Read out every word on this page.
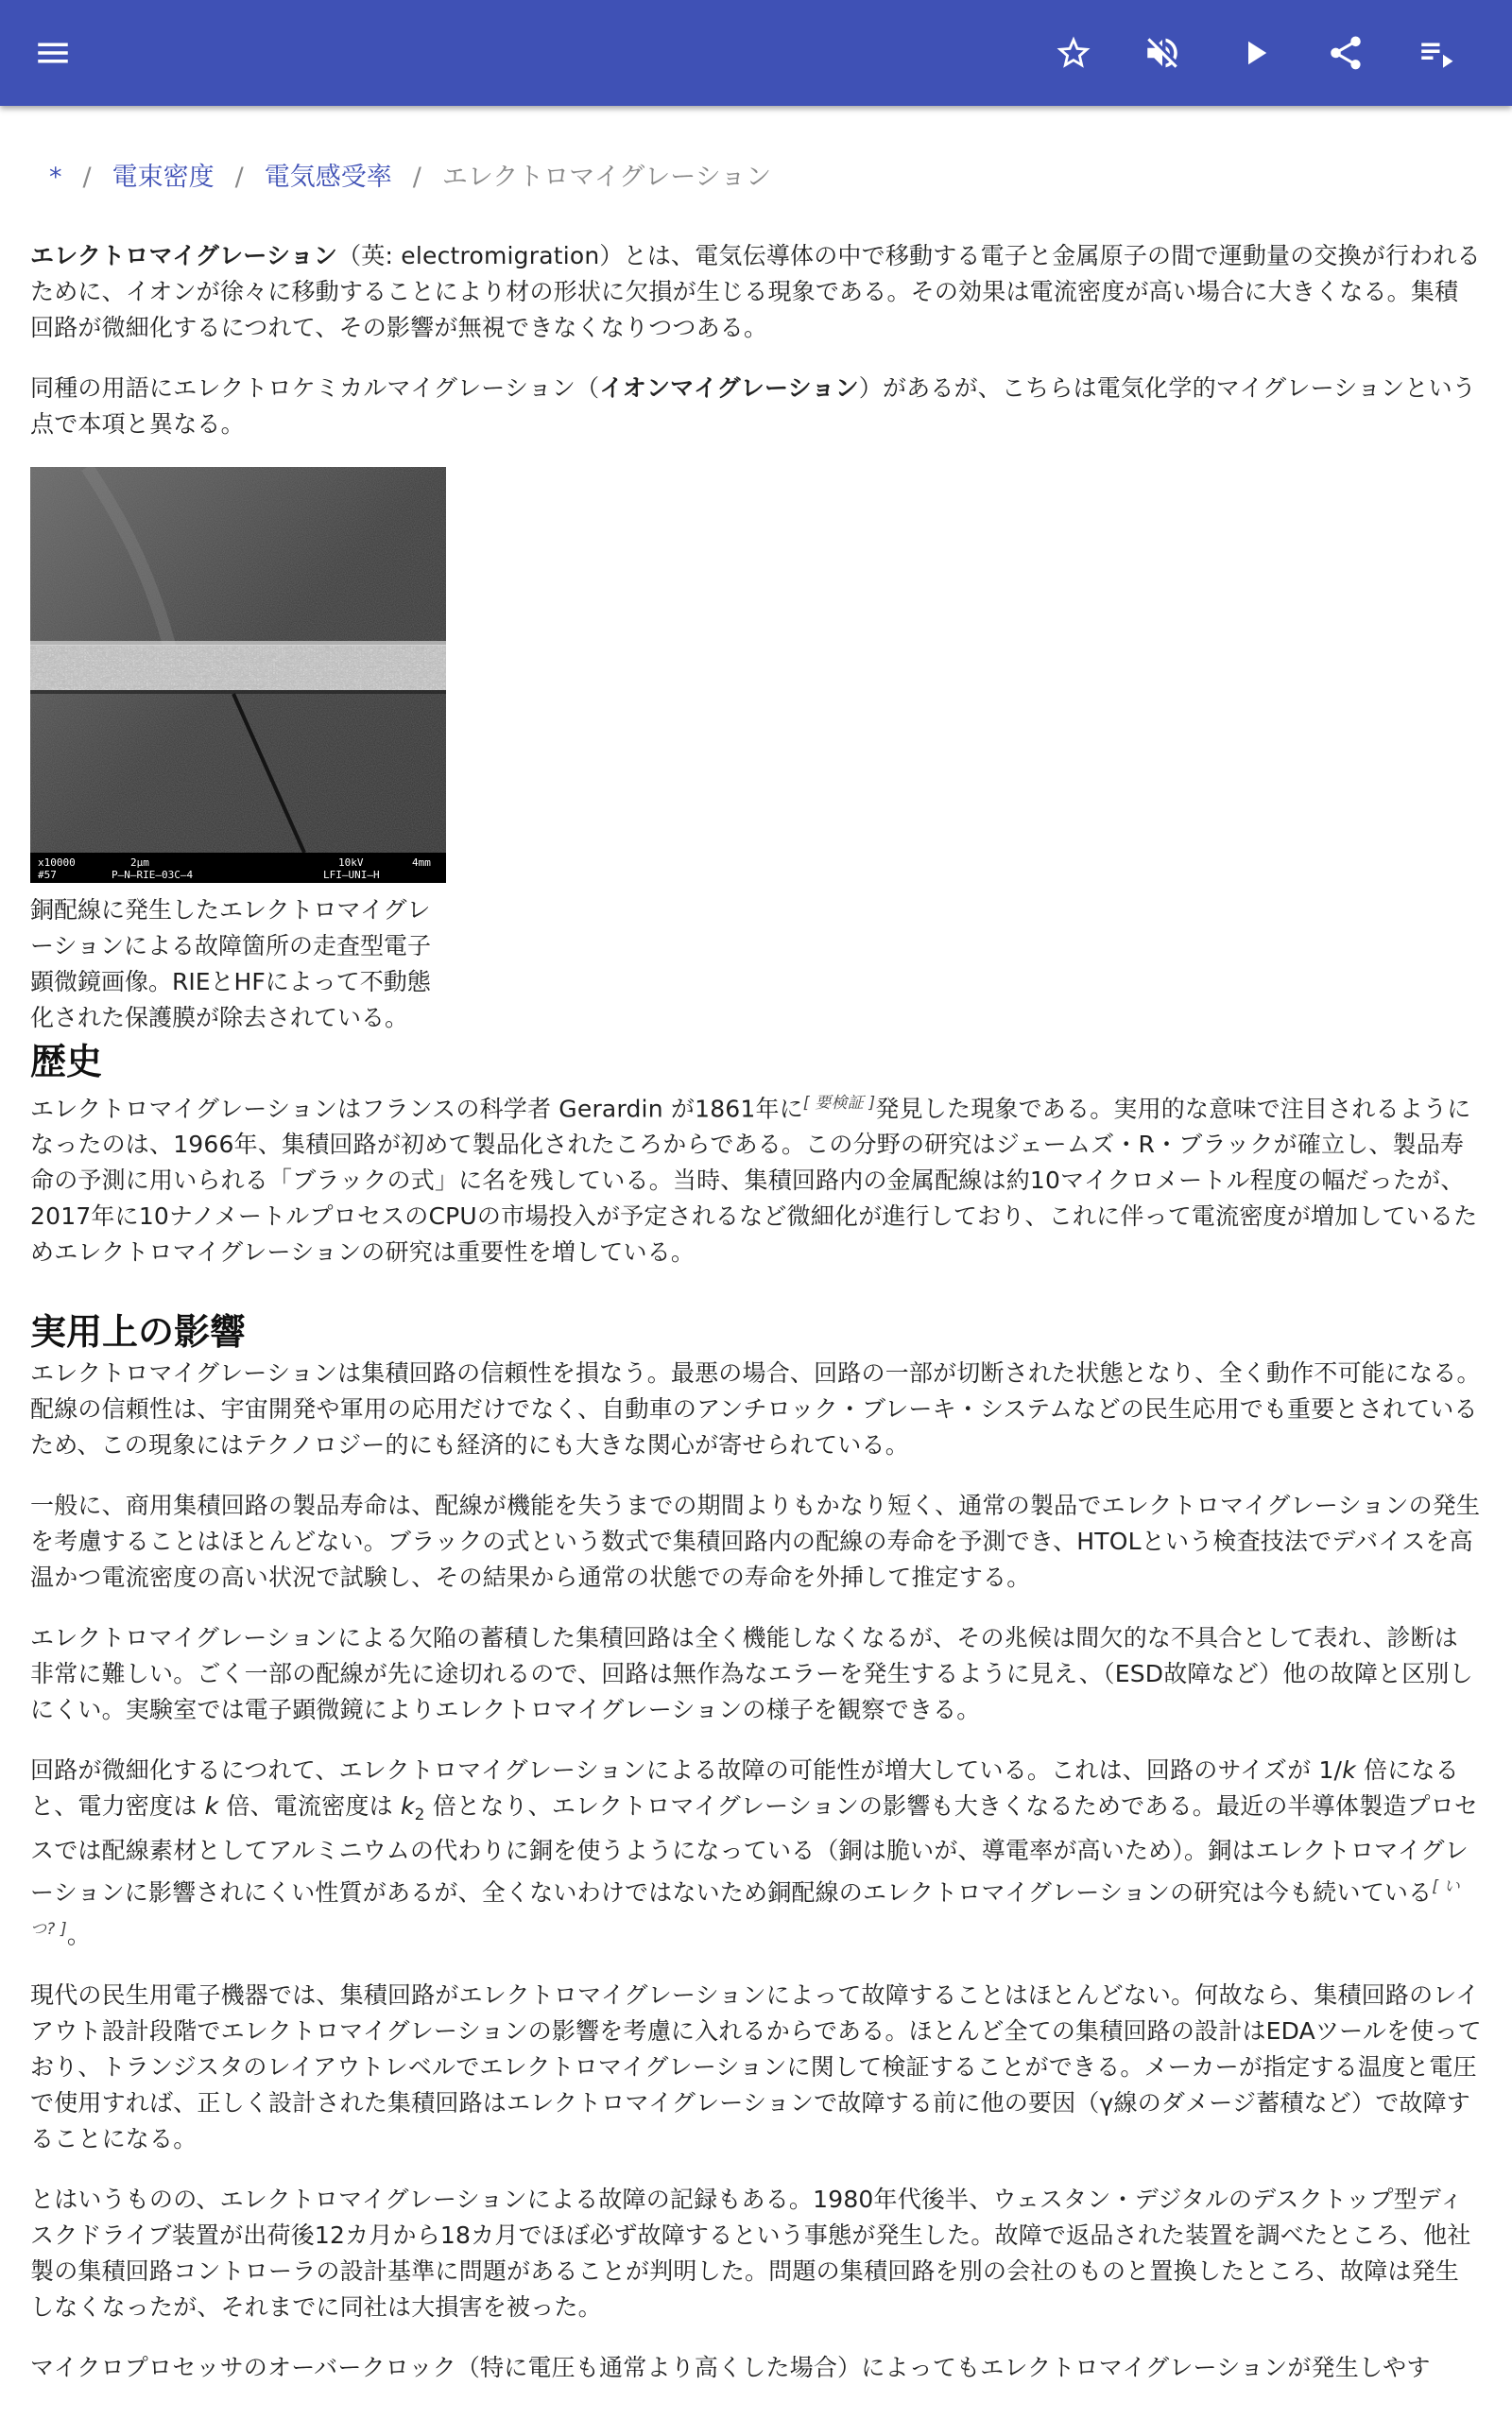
* / 電束密度 / 電気感受率 / エレクトロマイグレーション

エレクトロマイグレーション（英: electromigration）とは、電気伝導体の中で移動する電子と金属原子の間で運動量の交換が行われるために、イオンが徐々に移動することにより材の形状に欠損が生じる現象である。その効果は電流密度が高い場合に大きくなる。集積回路が微細化するにつれて、その影響が無視できなくなりつつある。

同種の用語にエレクトロケミカルマイグレーション（イオンマイグレーション）があるが、こちらは電気化学的マイグレーションという点で本項と異なる。

x10000
#57
2μm
P–N–RIE–03C–4
10kV
LFI–UNI–H
4mm
銅配線に発生したエレクトロマイグレーションによる故障箇所の走査型電子顕微鏡画像。RIEとHFによって不動態化された保護膜が除去されている。
歴史

エレクトロマイグレーションはフランスの科学者 Gerardin が1861年に[ 要検証 ]発見した現象である。実用的な意味で注目されるようになったのは、1966年、集積回路が初めて製品化されたころからである。この分野の研究はジェームズ・R・ブラックが確立し、製品寿命の予測に用いられる「ブラックの式」に名を残している。当時、集積回路内の金属配線は約10マイクロメートル程度の幅だったが、2017年に10ナノメートルプロセスのCPUの市場投入が予定されるなど微細化が進行しており、これに伴って電流密度が増加しているためエレクトロマイグレーションの研究は重要性を増している。

実用上の影響

エレクトロマイグレーションは集積回路の信頼性を損なう。最悪の場合、回路の一部が切断された状態となり、全く動作不可能になる。配線の信頼性は、宇宙開発や軍用の応用だけでなく、自動車のアンチロック・ブレーキ・システムなどの民生応用でも重要とされているため、この現象にはテクノロジー的にも経済的にも大きな関心が寄せられている。

一般に、商用集積回路の製品寿命は、配線が機能を失うまでの期間よりもかなり短く、通常の製品でエレクトロマイグレーションの発生を考慮することはほとんどない。ブラックの式という数式で集積回路内の配線の寿命を予測でき、HTOLという検査技法でデバイスを高温かつ電流密度の高い状況で試験し、その結果から通常の状態での寿命を外挿して推定する。

エレクトロマイグレーションによる欠陥の蓄積した集積回路は全く機能しなくなるが、その兆候は間欠的な不具合として表れ、診断は非常に難しい。ごく一部の配線が先に途切れるので、回路は無作為なエラーを発生するように見え、（ESD故障など）他の故障と区別しにくい。実験室では電子顕微鏡によりエレクトロマイグレーションの様子を観察できる。

回路が微細化するにつれて、エレクトロマイグレーションによる故障の可能性が増大している。これは、回路のサイズが 1/k 倍になると、電力密度は k 倍、電流密度は $k_2$ 倍となり、エレクトロマイグレーションの影響も大きくなるためである。最近の半導体製造プロセスでは配線素材としてアルミニウムの代わりに銅を使うようになっている（銅は脆いが、導電率が高いため）。銅はエレクトロマイグレーションに影響されにくい性質があるが、全くないわけではないため銅配線のエレクトロマイグレーションの研究は今も続いている[ いつ? ]。

現代の民生用電子機器では、集積回路がエレクトロマイグレーションによって故障することはほとんどない。何故なら、集積回路のレイアウト設計段階でエレクトロマイグレーションの影響を考慮に入れるからである。ほとんど全ての集積回路の設計はEDAツールを使っており、トランジスタのレイアウトレベルでエレクトロマイグレーションに関して検証することができる。メーカーが指定する温度と電圧で使用すれば、正しく設計された集積回路はエレクトロマイグレーションで故障する前に他の要因（γ線のダメージ蓄積など）で故障することになる。

とはいうものの、エレクトロマイグレーションによる故障の記録もある。1980年代後半、ウェスタン・デジタルのデスクトップ型ディスクドライブ装置が出荷後12カ月から18カ月でほぼ必ず故障するという事態が発生した。故障で返品された装置を調べたところ、他社製の集積回路コントローラの設計基準に問題があることが判明した。問題の集積回路を別の会社のものと置換したところ、故障は発生しなくなったが、それまでに同社は大損害を被った。

マイクロプロセッサのオーバークロック（特に電圧も通常より高くした場合）によってもエレクトロマイグレーションが発生しやす
